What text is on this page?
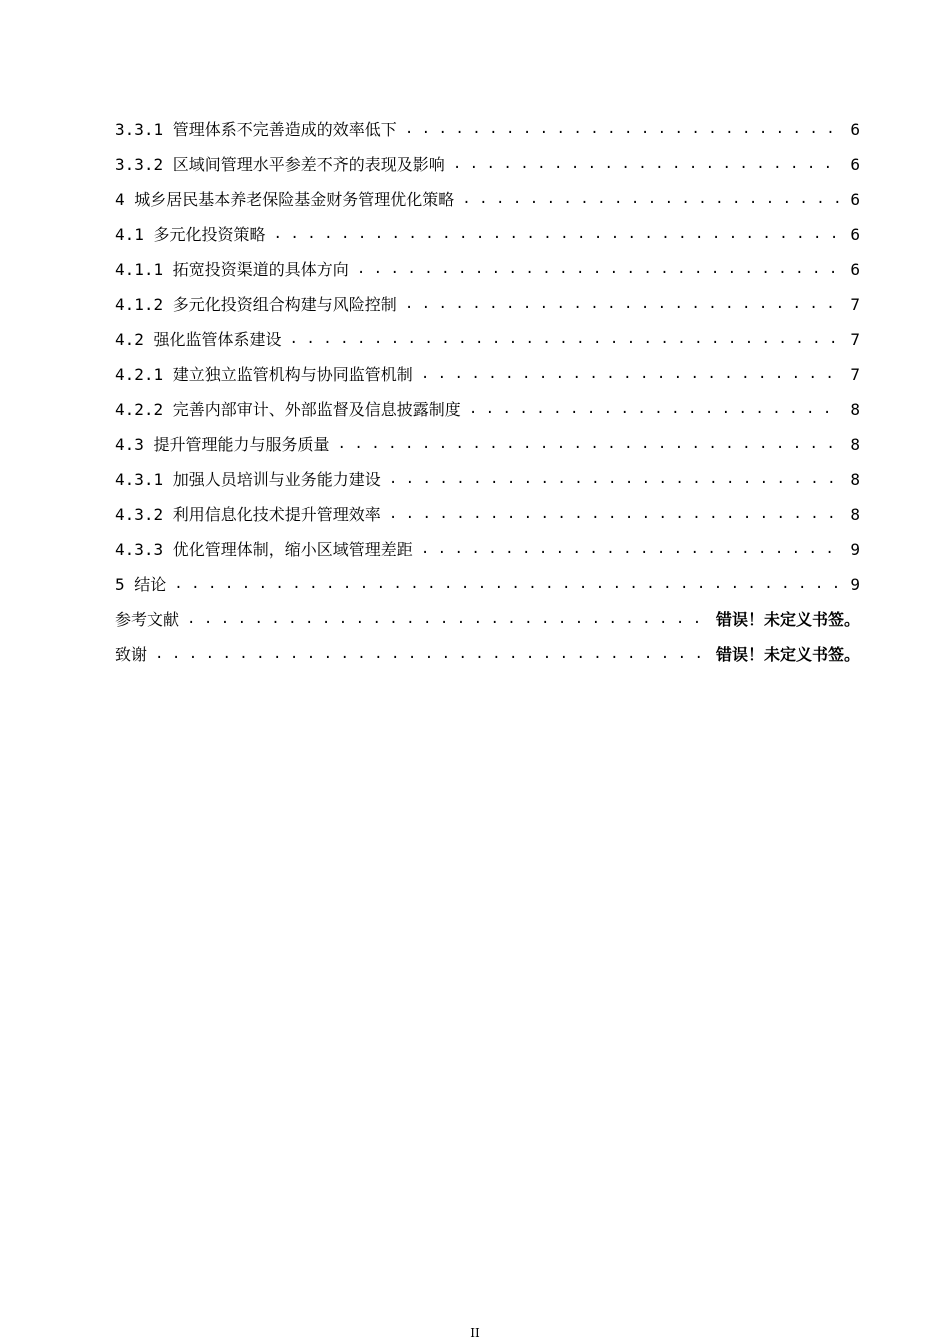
3.3.1 管理体系不完善造成的效率低下 . . .	6
3.3.2 区域间管理水平参差不齐的表现及影响 . . .	6
4 城乡居民基本养老保险基金财务管理优化策略 . . .	6
4.1 多元化投资策略 . . .	6
4.1.1 拓宽投资渠道的具体方向 . . .	6
4.1.2 多元化投资组合构建与风险控制 . . .	7
4.2 强化监管体系建设 . . .	7
4.2.1 建立独立监管机构与协同监管机制 . . .	7
4.2.2 完善内部审计、外部监督及信息披露制度 . . .	8
4.3 提升管理能力与服务质量 . . .	8
4.3.1 加强人员培训与业务能力建设 . . .	8
4.3.2 利用信息化技术提升管理效率 . . .	8
4.3.3 优化管理体制，缩小区域管理差距 . . .	9
5 结论 . . .	9
参考文献 . . .	错误！未定义书签。
致谢 . . .	错误！未定义书签。
II
